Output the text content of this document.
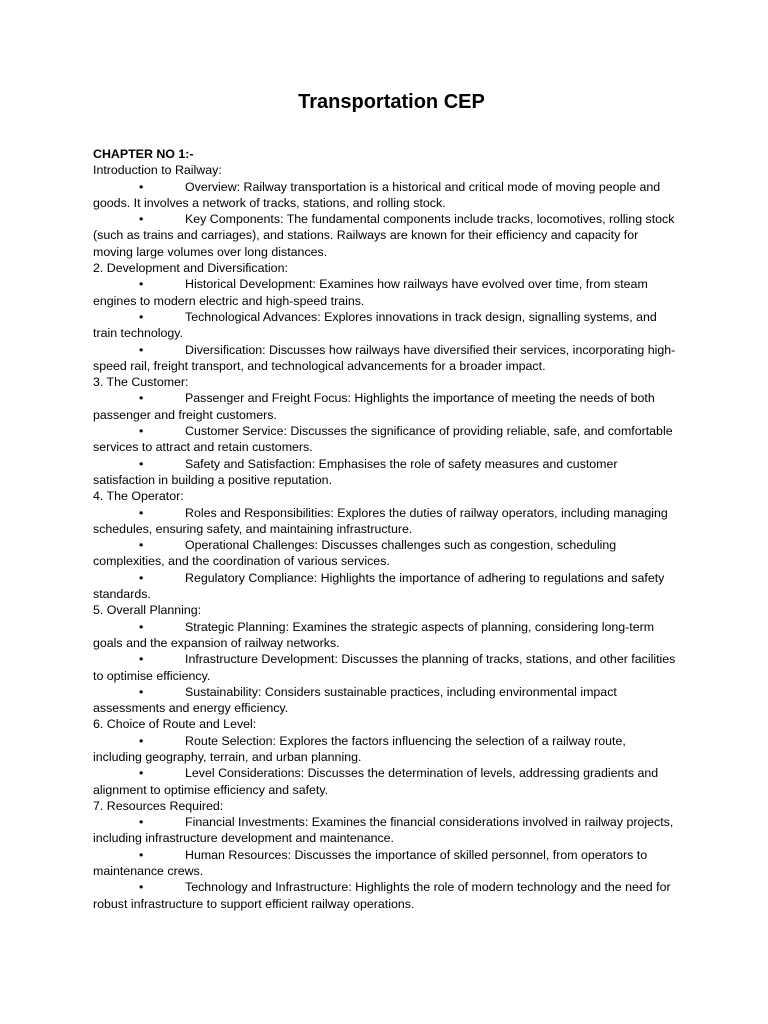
Transportation CEP

CHAPTER NO 1:-

Introduction to Railway:

•	Overview: Railway transportation is a historical and critical mode of moving people and goods. It involves a network of tracks, stations, and rolling stock.

•	Key Components: The fundamental components include tracks, locomotives, rolling stock (such as trains and carriages), and stations. Railways are known for their efficiency and capacity for moving large volumes over long distances.

2. Development and Diversification:

•	Historical Development: Examines how railways have evolved over time, from steam engines to modern electric and high-speed trains.

•	Technological Advances: Explores innovations in track design, signalling systems, and train technology.

•	Diversification: Discusses how railways have diversified their services, incorporating high-speed rail, freight transport, and technological advancements for a broader impact.

3. The Customer:

•	Passenger and Freight Focus: Highlights the importance of meeting the needs of both passenger and freight customers.

•	Customer Service: Discusses the significance of providing reliable, safe, and comfortable services to attract and retain customers.

•	Safety and Satisfaction: Emphasises the role of safety measures and customer satisfaction in building a positive reputation.

4. The Operator:

•	Roles and Responsibilities: Explores the duties of railway operators, including managing schedules, ensuring safety, and maintaining infrastructure.

•	Operational Challenges: Discusses challenges such as congestion, scheduling complexities, and the coordination of various services.

•	Regulatory Compliance: Highlights the importance of adhering to regulations and safety standards.

5. Overall Planning:

•	Strategic Planning: Examines the strategic aspects of planning, considering long-term goals and the expansion of railway networks.

•	Infrastructure Development: Discusses the planning of tracks, stations, and other facilities to optimise efficiency.

•	Sustainability: Considers sustainable practices, including environmental impact assessments and energy efficiency.

6. Choice of Route and Level:

•	Route Selection: Explores the factors influencing the selection of a railway route, including geography, terrain, and urban planning.

•	Level Considerations: Discusses the determination of levels, addressing gradients and alignment to optimise efficiency and safety.

7. Resources Required:

•	Financial Investments: Examines the financial considerations involved in railway projects, including infrastructure development and maintenance.

•	Human Resources: Discusses the importance of skilled personnel, from operators to maintenance crews.

•	Technology and Infrastructure: Highlights the role of modern technology and the need for robust infrastructure to support efficient railway operations.
